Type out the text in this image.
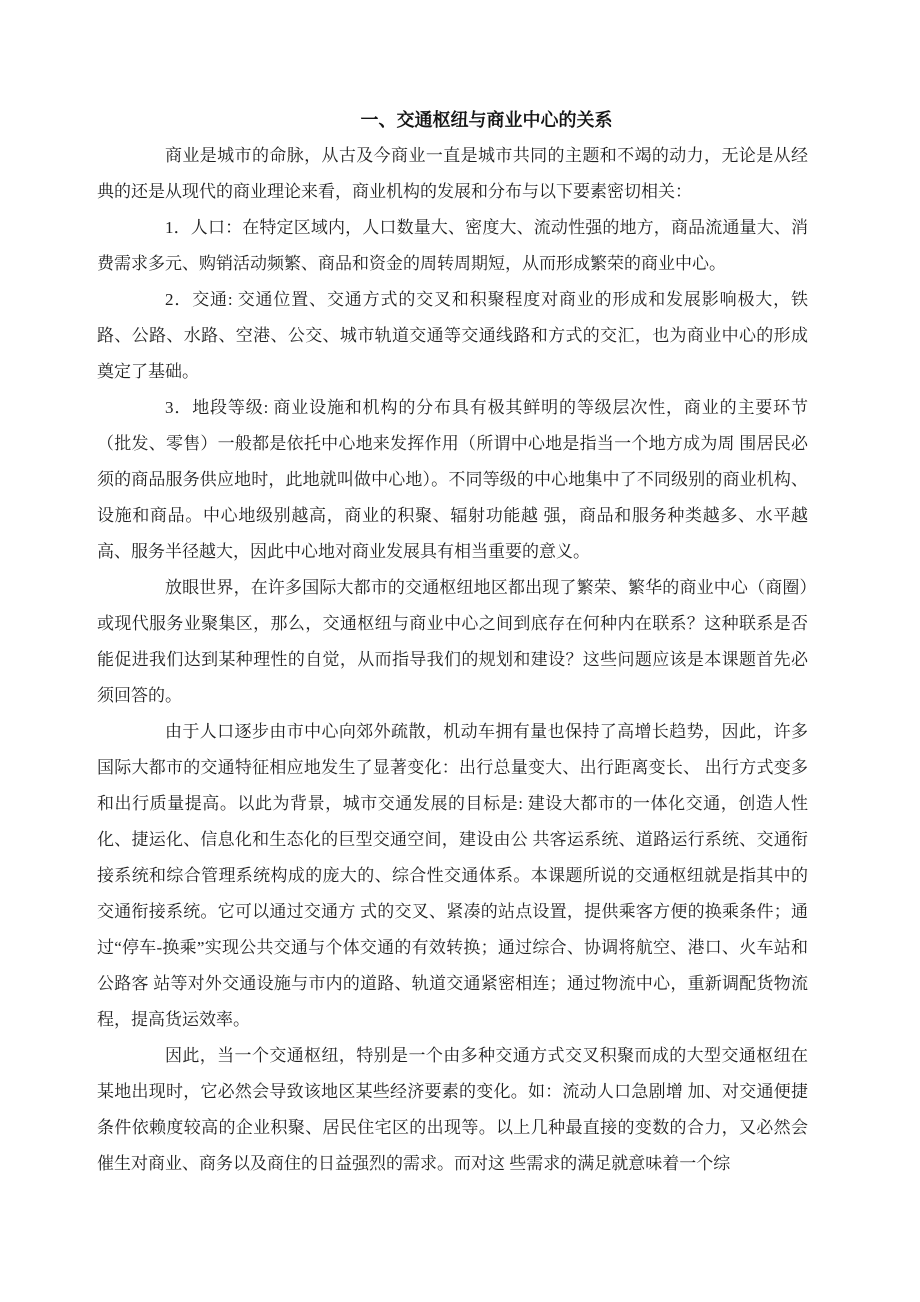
一、交通枢纽与商业中心的关系

商业是城市的命脉，从古及今商业一直是城市共同的主题和不竭的动力，无论是从经典的还是从现代的商业理论来看，商业机构的发展和分布与以下要素密切相关：

1．人口：在特定区域内，人口数量大、密度大、流动性强的地方，商品流通量大、消费需求多元、购销活动频繁、商品和资金的周转周期短，从而形成繁荣的商业中心。

2．交通: 交通位置、交通方式的交叉和积聚程度对商业的形成和发展影响极大，铁路、公路、水路、空港、公交、城市轨道交通等交通线路和方式的交汇，也为商业中心的形成奠定了基础。

3．地段等级: 商业设施和机构的分布具有极其鲜明的等级层次性，商业的主要环节（批发、零售）一般都是依托中心地来发挥作用（所谓中心地是指当一个地方成为周 围居民必须的商品服务供应地时，此地就叫做中心地）。不同等级的中心地集中了不同级别的商业机构、设施和商品。中心地级别越高，商业的积聚、辐射功能越 强，商品和服务种类越多、水平越高、服务半径越大，因此中心地对商业发展具有相当重要的意义。

放眼世界，在许多国际大都市的交通枢纽地区都出现了繁荣、繁华的商业中心（商圈）或现代服务业聚集区，那么，交通枢纽与商业中心之间到底存在何种内在联系？这种联系是否能促进我们达到某种理性的自觉，从而指导我们的规划和建设？这些问题应该是本课题首先必须回答的。

由于人口逐步由市中心向郊外疏散，机动车拥有量也保持了高增长趋势，因此，许多国际大都市的交通特征相应地发生了显著变化：出行总量变大、出行距离变长、 出行方式变多和出行质量提高。以此为背景，城市交通发展的目标是: 建设大都市的一体化交通，创造人性化、捷运化、信息化和生态化的巨型交通空间，建设由公 共客运系统、道路运行系统、交通衔接系统和综合管理系统构成的庞大的、综合性交通体系。本课题所说的交通枢纽就是指其中的交通衔接系统。它可以通过交通方 式的交叉、紧凑的站点设置，提供乘客方便的换乘条件；通过“停车-换乘”实现公共交通与个体交通的有效转换；通过综合、协调将航空、港口、火车站和公路客 站等对外交通设施与市内的道路、轨道交通紧密相连；通过物流中心，重新调配货物流程，提高货运效率。

因此，当一个交通枢纽，特别是一个由多种交通方式交叉积聚而成的大型交通枢纽在某地出现时，它必然会导致该地区某些经济要素的变化。如：流动人口急剧增 加、对交通便捷条件依赖度较高的企业积聚、居民住宅区的出现等。以上几种最直接的变数的合力，又必然会催生对商业、商务以及商住的日益强烈的需求。而对这 些需求的满足就意味着一个综
